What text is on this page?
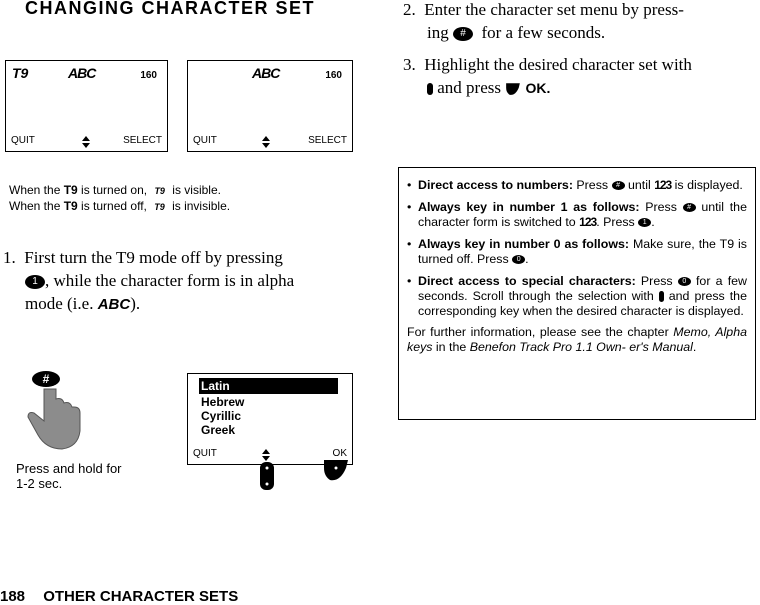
CHANGING CHARACTER SET
T9	ABC	160
QUIT	SELECT
ABC	160
QUIT	SELECT
When the T9 is turned on, T9 is visible.
When the T9 is turned off, T9 is invisible.
1. First turn the T9 mode off by pressing
1 , while the character form is in alpha
mode (i.e. ABC).
#
Press and hold for
1-2 sec.
Latin
Hebrew
Cyrillic
Greek
QUIT	OK
2. Enter the character set menu by press-
ing # for a few seconds.
3. Highlight the desired character set with
and press OK.
• Direct access to numbers: Press # until 123 is displayed.
• Always key in number 1 as follows: Press # until the character form is switched to 123. Press 1 .
• Always key in number 0 as follows: Make sure, the T9 is turned off. Press 0 .
• Direct access to special characters: Press 0 for a few seconds. Scroll through the selection with and press the corresponding key when the desired character is displayed.
For further information, please see the chapter Memo, Alpha keys in the Benefon Track Pro 1.1 Own- er's Manual.
188 OTHER CHARACTER SETS
